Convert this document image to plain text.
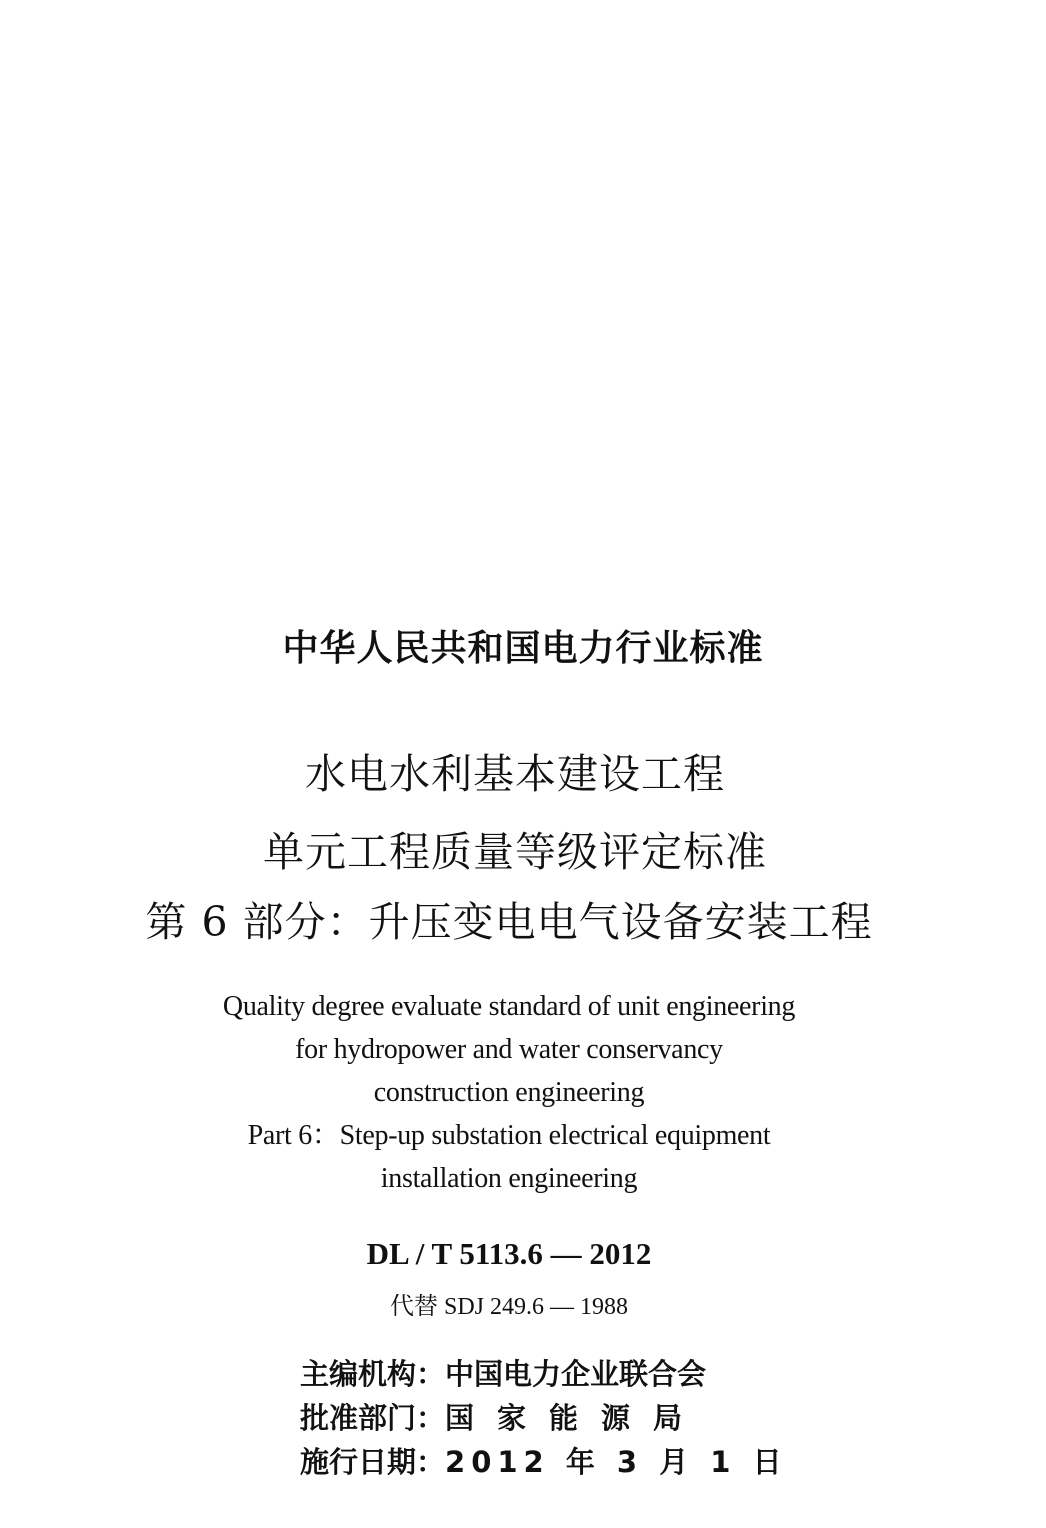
中华人民共和国电力行业标准
水电水利基本建设工程
单元工程质量等级评定标准
第 6 部分：升压变电电气设备安装工程
Quality degree evaluate standard of unit engineering
for hydropower and water conservancy
construction engineering
Part 6：Step-up substation electrical equipment
installation engineering
DL / T 5113.6 — 2012
代替 SDJ 249.6 — 1988
主编机构：中国电力企业联合会
批准部门：国家能源局
施行日期：2012 年 3 月 1 日
